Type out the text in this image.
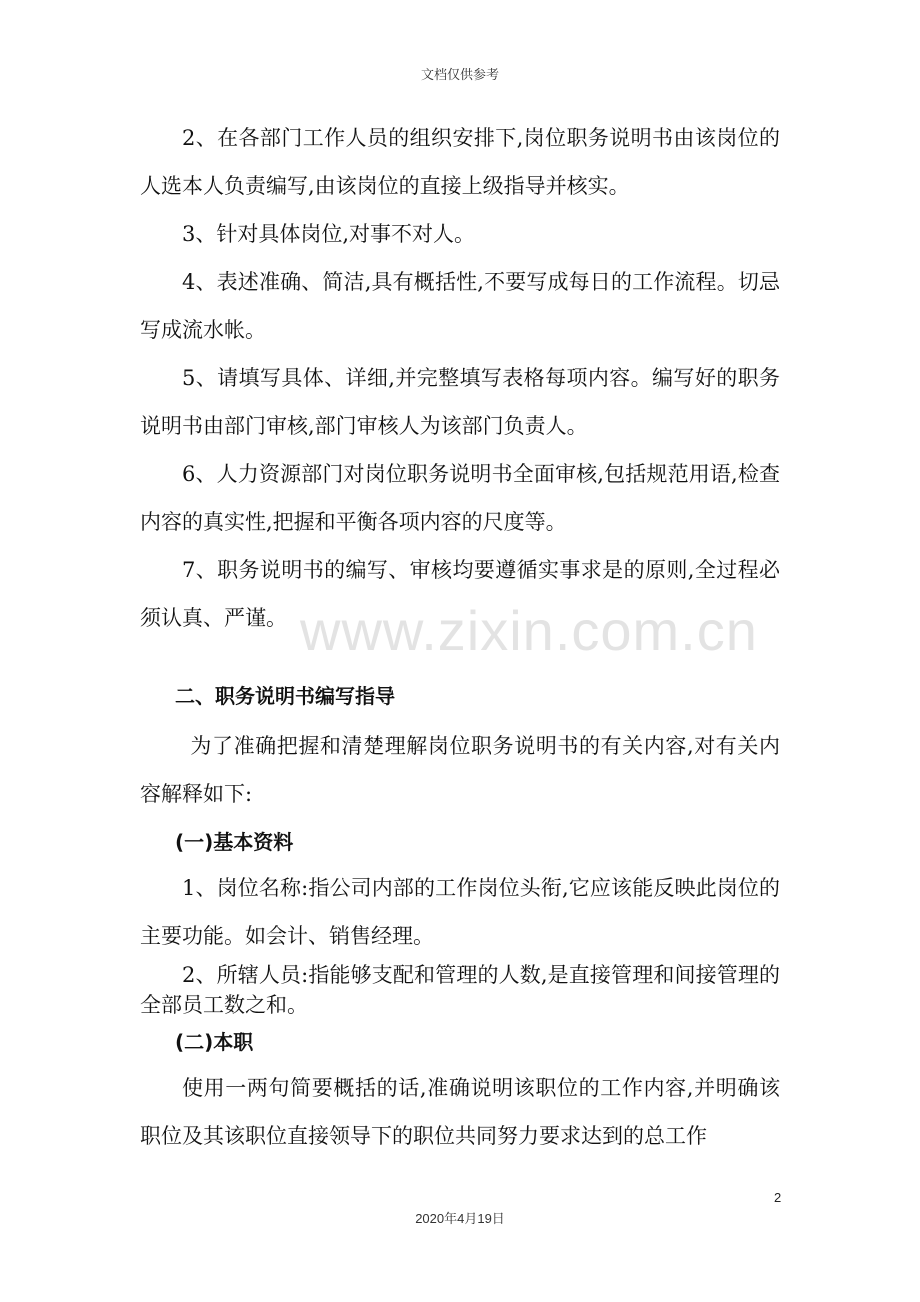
文档仅供参考

2、在各部门工作人员的组织安排下,岗位职务说明书由该岗位的人选本人负责编写,由该岗位的直接上级指导并核实。

3、针对具体岗位,对事不对人。

4、表述准确、简洁,具有概括性,不要写成每日的工作流程。切忌写成流水帐。

5、请填写具体、详细,并完整填写表格每项内容。编写好的职务说明书由部门审核,部门审核人为该部门负责人。

6、人力资源部门对岗位职务说明书全面审核,包括规范用语,检查内容的真实性,把握和平衡各项内容的尺度等。

7、职务说明书的编写、审核均要遵循实事求是的原则,全过程必须认真、严谨。 www.zixin.com.cn
二、职务说明书编写指导

为了准确把握和清楚理解岗位职务说明书的有关内容,对有关内容解释如下:

(一)基本资料

1、岗位名称:指公司内部的工作岗位头衔,它应该能反映此岗位的主要功能。如会计、销售经理。

2、所辖人员:指能够支配和管理的人数,是直接管理和间接管理的全部员工数之和。

(二)本职

使用一两句简要概括的话,准确说明该职位的工作内容,并明确该职位及其该职位直接领导下的职位共同努力要求达到的总工作

2
2020年4月19日
